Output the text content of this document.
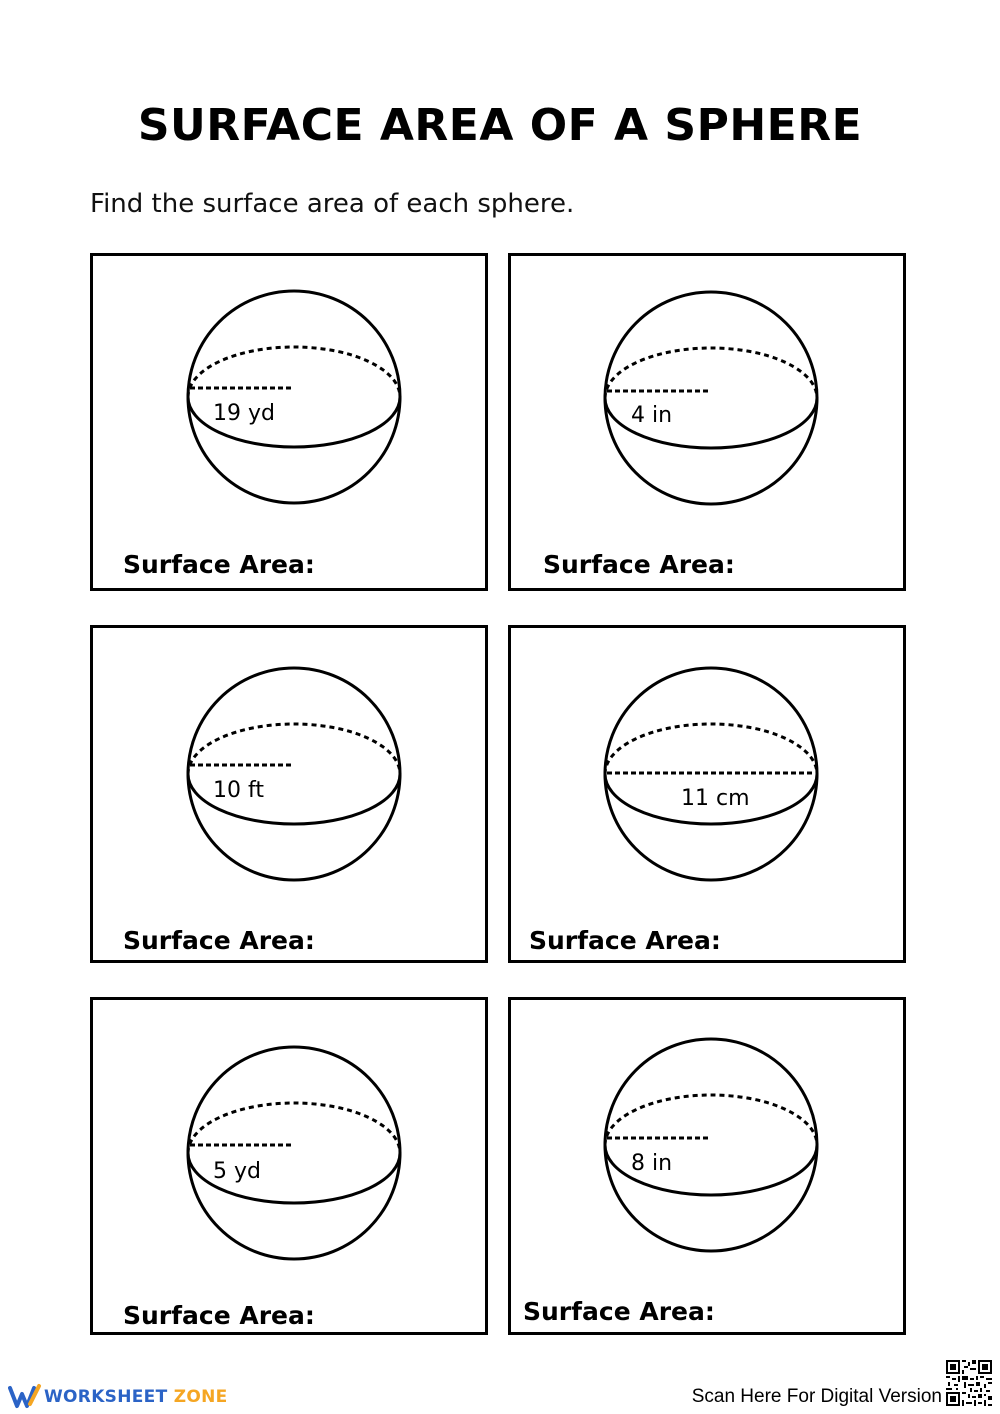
SURFACE AREA OF A SPHERE
Find the surface area of each sphere.
19 yd
Surface Area:
4 in
Surface Area:
10 ft
Surface Area:
11 cm
Surface Area:
5 yd
Surface Area:
8 in
Surface Area:
WORKSHEET ZONE	Scan Here For Digital Version
